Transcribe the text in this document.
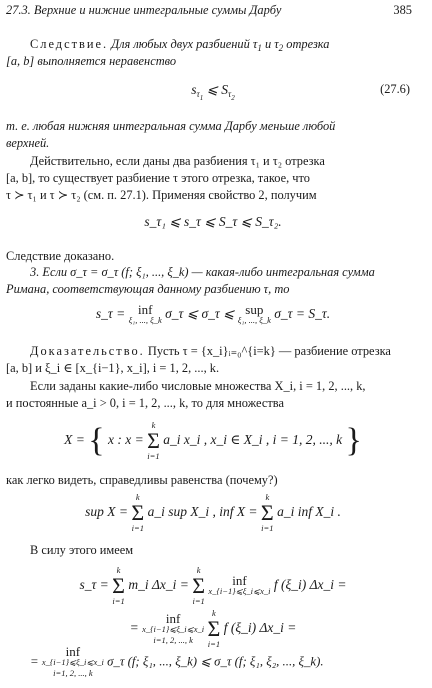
27.3. Верхние и нижние интегральные суммы Дарбу	385
Следствие. Для любых двух разбиений $\tau_1$ и $\tau_2$ отрезка
[a, b] выполняется неравенство
$s_{\tau_1}$ ⩽ $S_{\tau_2}$
(27.6)
т. е. любая нижняя интегральная сумма Дарбу меньше любой
верхней.
Действительно, если даны два разбиения τ₁ и τ₂ отрезка
[a, b], то существует разбиение τ этого отрезка, такое, что
τ ≻ τ₁ и τ ≻ τ₂ (см. п. 27.1). Применяя свойство 2, получим
s_τ₁ ⩽ s_τ ⩽ S_τ ⩽ S_τ₂.
Следствие доказано.
3. Если σ_τ = σ_τ (f; ξ₁, ..., ξ_k) — какая-либо интегральная сумма
Римана, соответствующая данному разбиению τ, то
s_τ = inf
ξ₁, ..., ξ_k σ_τ ⩽ σ_τ ⩽ sup
ξ₁, ..., ξ_k σ_τ = S_τ.
Доказательство. Пусть τ = {x_i}ᵢ₌₀^{i=k} — разбиение отрезка
[a, b] и ξ_i ∈ [x_{i−1}, x_i], i = 1, 2, ..., k.
Если заданы какие-либо числовые множества X_i, i = 1, 2, ..., k,
и постоянные a_i > 0, i = 1, 2, ..., k, то для множества
X = { x : x =
k
Σ
i=1
a_i x_i , x_i ∈ X_i , i = 1, 2, ..., k }
как легко видеть, справедливы равенства (почему?)
sup X =
k
Σ
i=1
a_i sup X_i , inf X =
k
Σ
i=1
a_i inf X_i .
В силу этого имеем
s_τ =
k
Σ
i=1
m_i Δx_i =
k
Σ
i=1

inf
x_{i−1}⩽ξ_i⩽x_i f (ξ_i) Δx_i =
=
inf
x_{i−1}⩽ξ_i⩽x_i
i=1, 2, ..., k

k
Σ
i=1
f (ξ_i) Δx_i =
=
inf
x_{i−1}⩽ξ_i⩽x_i
i=1, 2, ..., k
σ_τ (f; ξ₁, ..., ξ_k) ⩽ σ_τ (f; ξ₁, ξ₂, ..., ξ_k).
